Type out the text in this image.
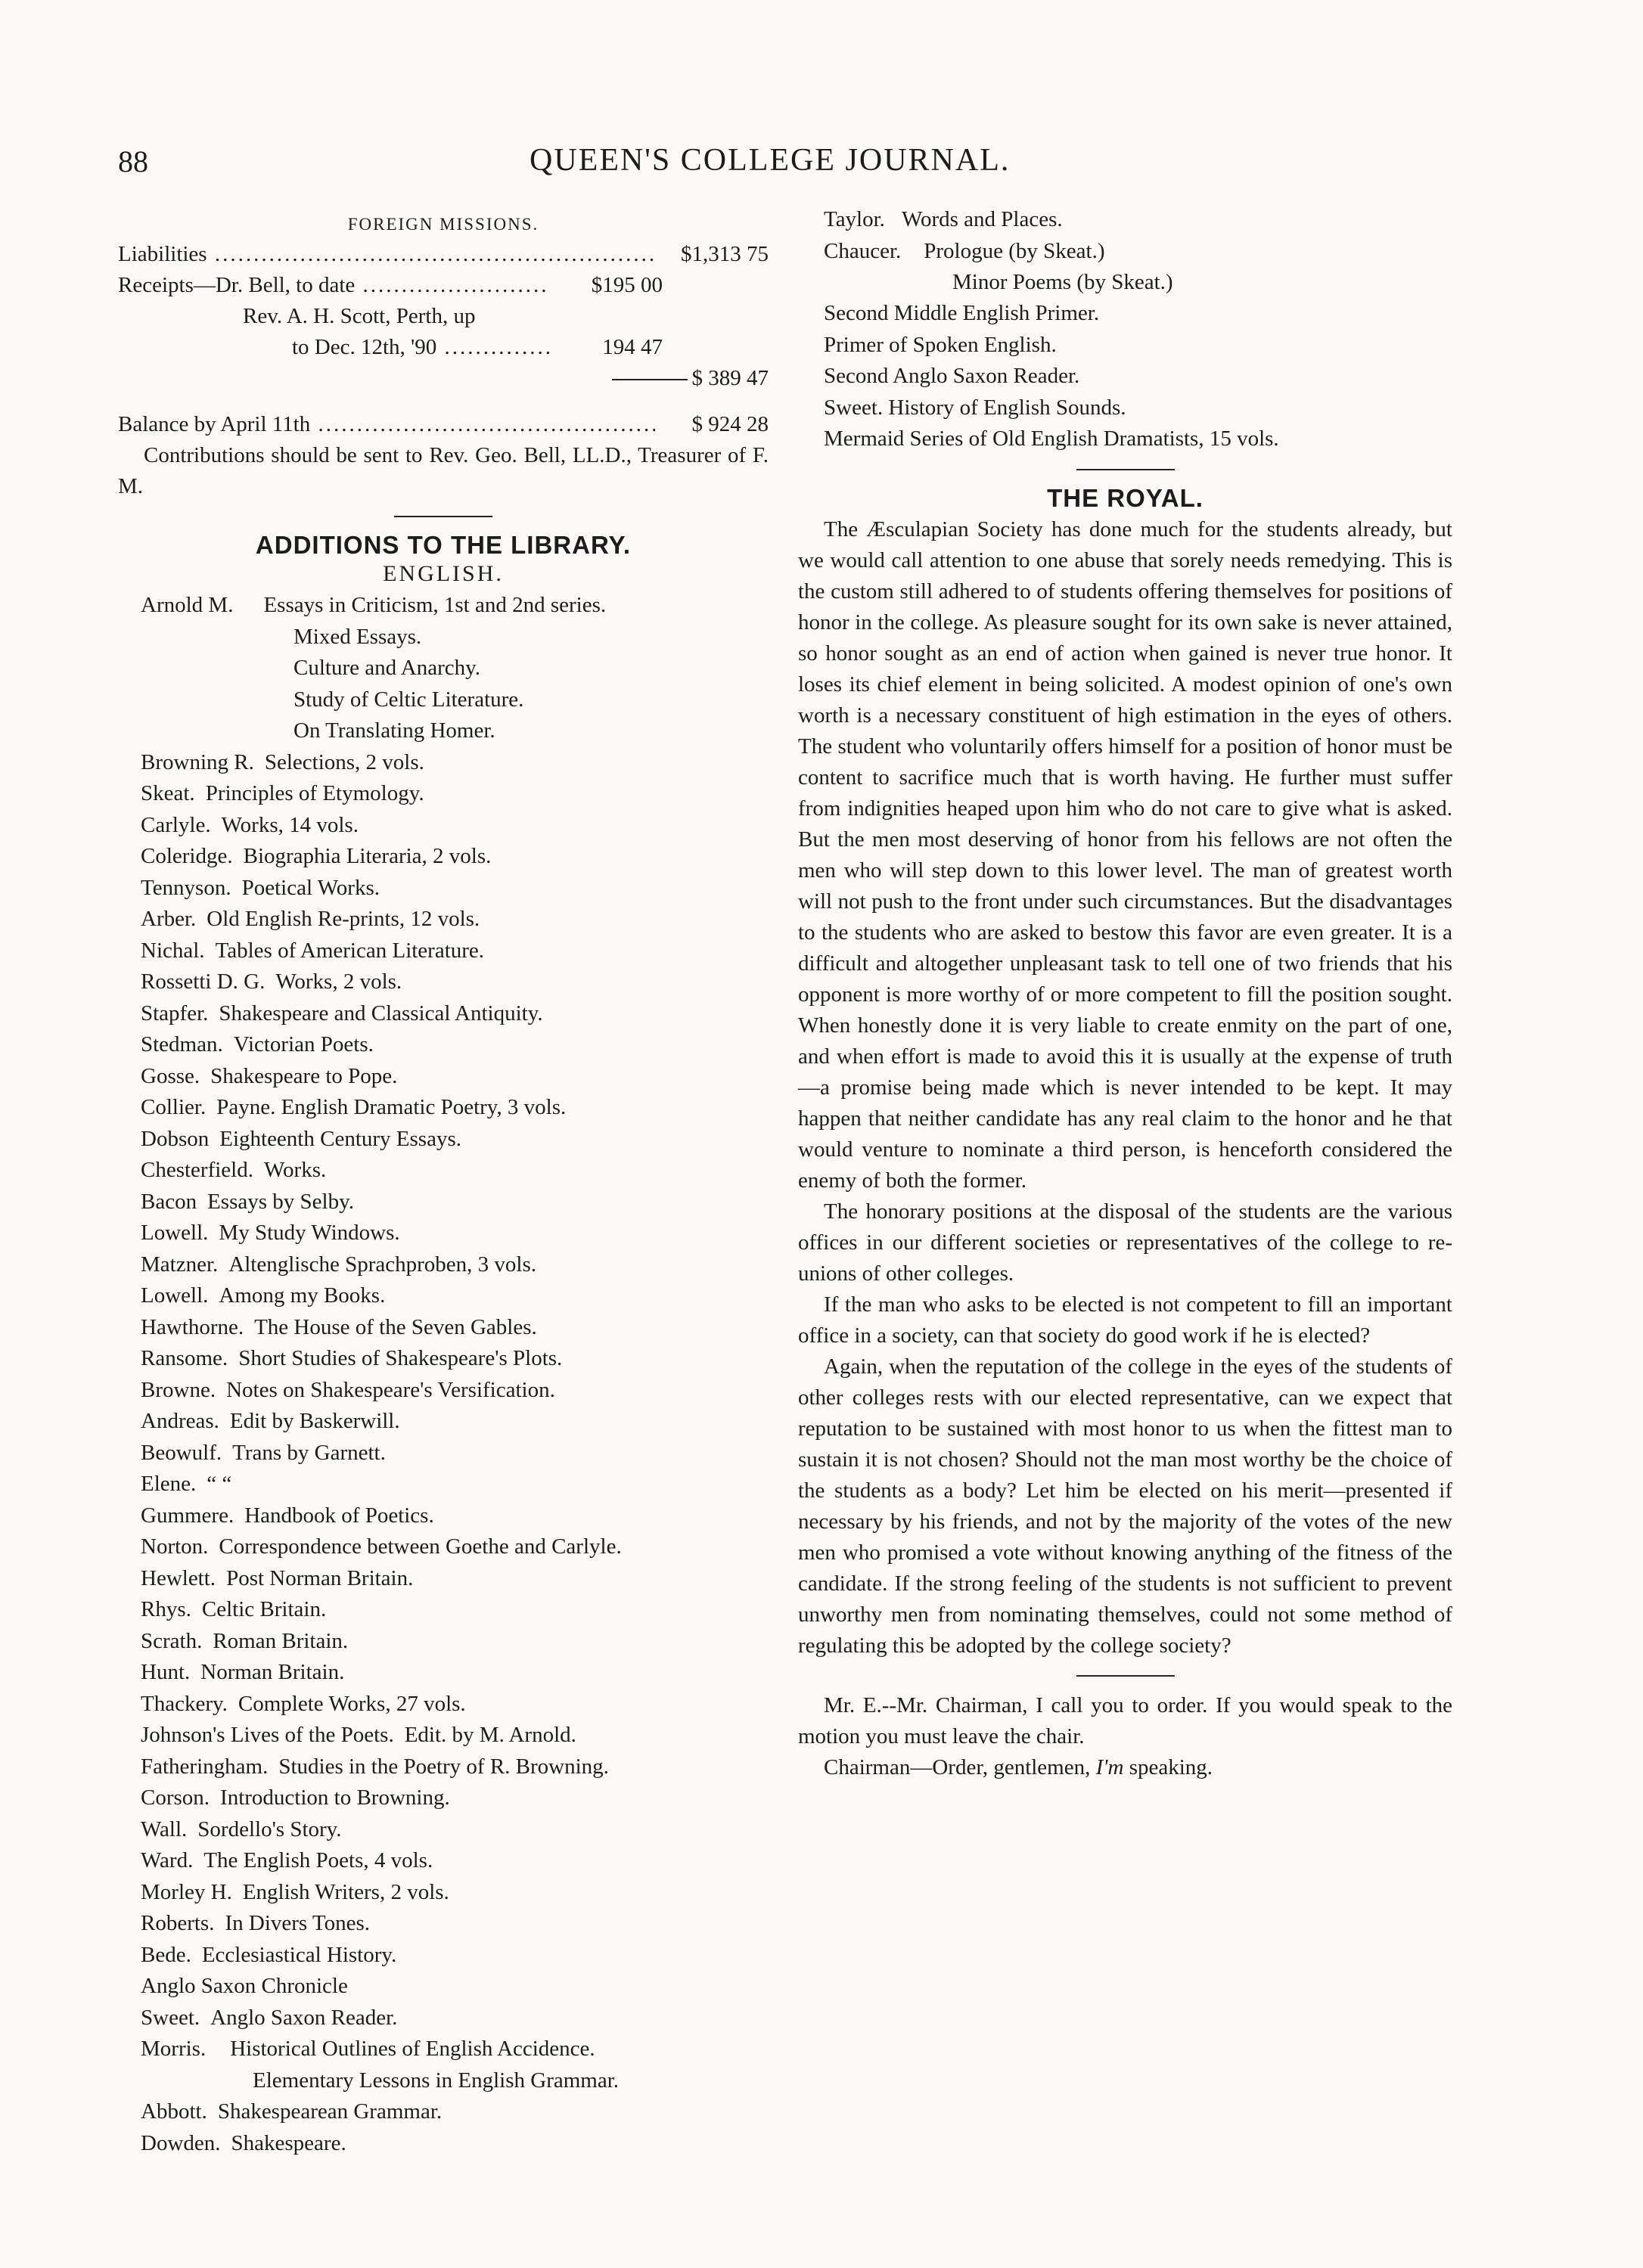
88	QUEEN'S COLLEGE JOURNAL.
FOREIGN MISSIONS.
Liabilities .....	$1,313 75
Receipts—Dr. Bell, to date .....	$195 00
Rev. A. H. Scott, Perth, up
to Dec. 12th, '90 .....	194 47
$ 389 47
Balance by April 11th .....	$ 924 28
Contributions should be sent to Rev. Geo. Bell, LL.D., Treasurer of F. M.
ADDITIONS TO THE LIBRARY.
ENGLISH.
Arnold M. Essays in Criticism, 1st and 2nd series.
Mixed Essays.
Culture and Anarchy.
Study of Celtic Literature.
On Translating Homer.
Browning R. Selections, 2 vols.
Skeat. Principles of Etymology.
Carlyle. Works, 14 vols.
Coleridge. Biographia Literaria, 2 vols.
Tennyson. Poetical Works.
Arber. Old English Re-prints, 12 vols.
Nichal. Tables of American Literature.
Rossetti D. G. Works, 2 vols.
Stapfer. Shakespeare and Classical Antiquity.
Stedman. Victorian Poets.
Gosse. Shakespeare to Pope.
Collier. Payne. English Dramatic Poetry, 3 vols.
Dobson Eighteenth Century Essays.
Chesterfield. Works.
Bacon Essays by Selby.
Lowell. My Study Windows.
Matzner. Altenglische Sprachproben, 3 vols.
Lowell. Among my Books.
Hawthorne. The House of the Seven Gables.
Ransome. Short Studies of Shakespeare's Plots.
Browne. Notes on Shakespeare's Versification.
Andreas. Edit by Baskerwill.
Beowulf. Trans by Garnett.
Elene. “ “
Gummere. Handbook of Poetics.
Norton. Correspondence between Goethe and Carlyle.
Hewlett. Post Norman Britain.
Rhys. Celtic Britain.
Scrath. Roman Britain.
Hunt. Norman Britain.
Thackery. Complete Works, 27 vols.
Johnson's Lives of the Poets. Edit. by M. Arnold.
Fatheringham. Studies in the Poetry of R. Browning.
Corson. Introduction to Browning.
Wall. Sordello's Story.
Ward. The English Poets, 4 vols.
Morley H. English Writers, 2 vols.
Roberts. In Divers Tones.
Bede. Ecclesiastical History.
Anglo Saxon Chronicle
Sweet. Anglo Saxon Reader.
Morris. Historical Outlines of English Accidence.
Elementary Lessons in English Grammar.
Abbott. Shakespearean Grammar.
Dowden. Shakespeare.
Taylor. Words and Places.
Chaucer. Prologue (by Skeat.)
Minor Poems (by Skeat.)
Second Middle English Primer.
Primer of Spoken English.
Second Anglo Saxon Reader.
Sweet. History of English Sounds.
Mermaid Series of Old English Dramatists, 15 vols.
THE ROYAL.
The Æsculapian Society has done much for the students already, but we would call attention to one abuse that sorely needs remedying. This is the custom still adhered to of students offering themselves for positions of honor in the college. As pleasure sought for its own sake is never attained, so honor sought as an end of action when gained is never true honor. It loses its chief element in being solicited. A modest opinion of one's own worth is a necessary constituent of high estimation in the eyes of others. The student who voluntarily offers himself for a position of honor must be content to sacrifice much that is worth having. He further must suffer from indignities heaped upon him who do not care to give what is asked. But the men most deserving of honor from his fellows are not often the men who will step down to this lower level. The man of greatest worth will not push to the front under such circumstances. But the disadvantages to the students who are asked to bestow this favor are even greater. It is a difficult and altogether unpleasant task to tell one of two friends that his opponent is more worthy of or more competent to fill the position sought. When honestly done it is very liable to create enmity on the part of one, and when effort is made to avoid this it is usually at the expense of truth—a promise being made which is never intended to be kept. It may happen that neither candidate has any real claim to the honor and he that would venture to nominate a third person, is henceforth considered the enemy of both the former.
The honorary positions at the disposal of the students are the various offices in our different societies or representatives of the college to re-unions of other colleges.
If the man who asks to be elected is not competent to fill an important office in a society, can that society do good work if he is elected?
Again, when the reputation of the college in the eyes of the students of other colleges rests with our elected representative, can we expect that reputation to be sustained with most honor to us when the fittest man to sustain it is not chosen? Should not the man most worthy be the choice of the students as a body? Let him be elected on his merit—presented if necessary by his friends, and not by the majority of the votes of the new men who promised a vote without knowing anything of the fitness of the candidate. If the strong feeling of the students is not sufficient to prevent unworthy men from nominating themselves, could not some method of regulating this be adopted by the college society?
Mr. E.--Mr. Chairman, I call you to order. If you would speak to the motion you must leave the chair.
Chairman—Order, gentlemen, I'm speaking.
